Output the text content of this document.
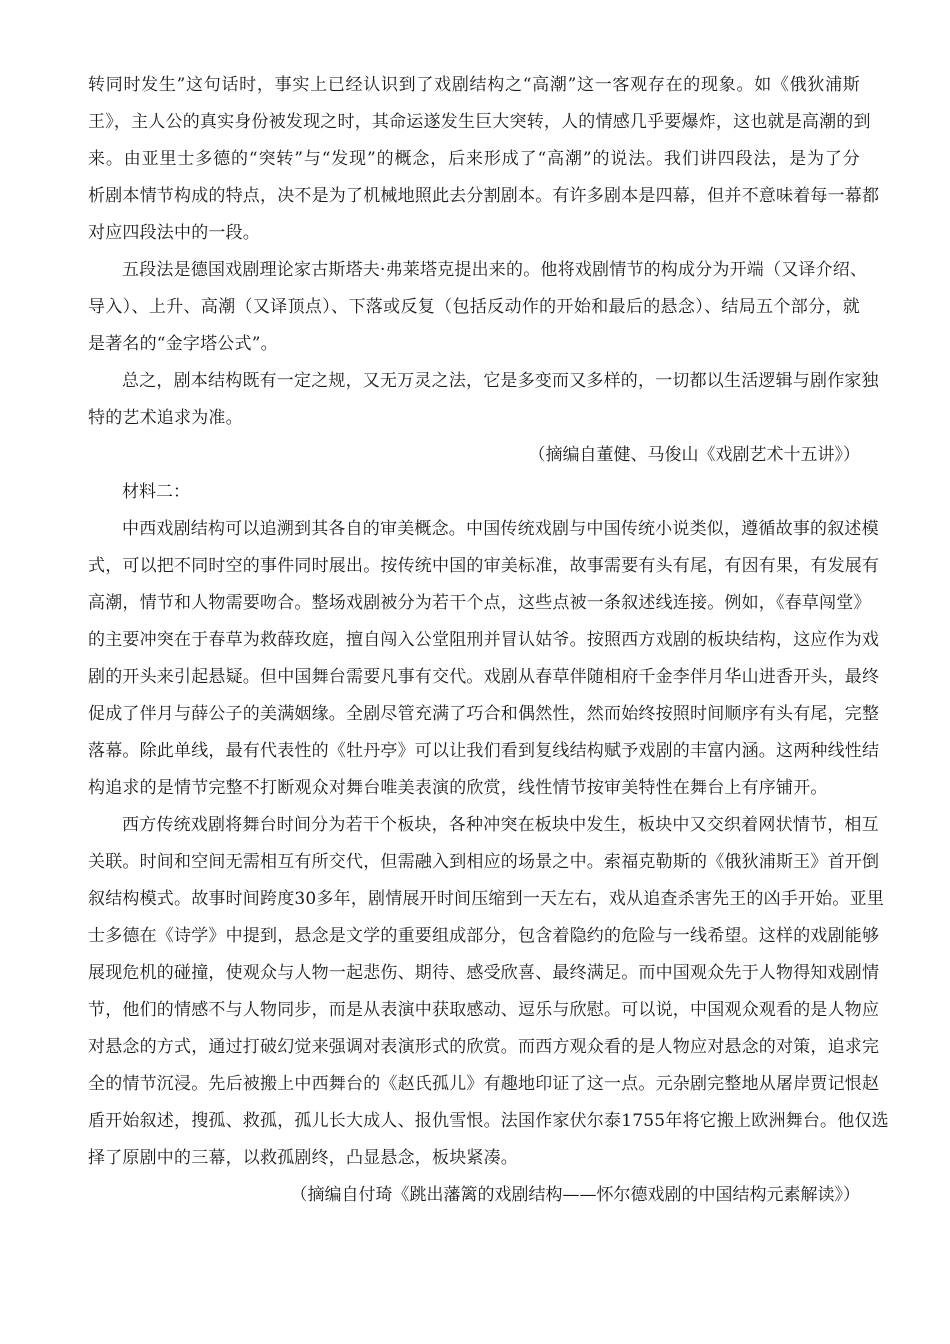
转同时发生”这句话时，事实上已经认识到了戏剧结构之“高潮”这一客观存在的现象。如《俄狄浦斯
王》，主人公的真实身份被发现之时，其命运遂发生巨大突转，人的情感几乎要爆炸，这也就是高潮的到
来。由亚里士多德的“突转”与“发现”的概念，后来形成了“高潮”的说法。我们讲四段法，是为了分
析剧本情节构成的特点，决不是为了机械地照此去分割剧本。有许多剧本是四幕，但并不意味着每一幕都
对应四段法中的一段。
五段法是德国戏剧理论家古斯塔夫·弗莱塔克提出来的。他将戏剧情节的构成分为开端（又译介绍、
导入）、上升、高潮（又译顶点）、下落或反复（包括反动作的开始和最后的悬念）、结局五个部分，就
是著名的“金字塔公式”。
总之，剧本结构既有一定之规，又无万灵之法，它是多变而又多样的，一切都以生活逻辑与剧作家独
特的艺术追求为准。
（摘编自董健、马俊山《戏剧艺术十五讲》）
材料二：
中西戏剧结构可以追溯到其各自的审美概念。中国传统戏剧与中国传统小说类似，遵循故事的叙述模
式，可以把不同时空的事件同时展出。按传统中国的审美标准，故事需要有头有尾，有因有果，有发展有
高潮，情节和人物需要吻合。整场戏剧被分为若干个点，这些点被一条叙述线连接。例如，《春草闯堂》
的主要冲突在于春草为救薛玫庭，擅自闯入公堂阻刑并冒认姑爷。按照西方戏剧的板块结构，这应作为戏
剧的开头来引起悬疑。但中国舞台需要凡事有交代。戏剧从春草伴随相府千金李伴月华山进香开头，最终
促成了伴月与薛公子的美满姻缘。全剧尽管充满了巧合和偶然性，然而始终按照时间顺序有头有尾，完整
落幕。除此单线，最有代表性的《牡丹亭》可以让我们看到复线结构赋予戏剧的丰富内涵。这两种线性结
构追求的是情节完整不打断观众对舞台唯美表演的欣赏，线性情节按审美特性在舞台上有序铺开。
西方传统戏剧将舞台时间分为若干个板块，各种冲突在板块中发生，板块中又交织着网状情节，相互
关联。时间和空间无需相互有所交代，但需融入到相应的场景之中。索福克勒斯的《俄狄浦斯王》首开倒
叙结构模式。故事时间跨度30多年，剧情展开时间压缩到一天左右，戏从追查杀害先王的凶手开始。亚里
士多德在《诗学》中提到，悬念是文学的重要组成部分，包含着隐约的危险与一线希望。这样的戏剧能够
展现危机的碰撞，使观众与人物一起悲伤、期待、感受欣喜、最终满足。而中国观众先于人物得知戏剧情
节，他们的情感不与人物同步，而是从表演中获取感动、逗乐与欣慰。可以说，中国观众观看的是人物应
对悬念的方式，通过打破幻觉来强调对表演形式的欣赏。而西方观众看的是人物应对悬念的对策，追求完
全的情节沉浸。先后被搬上中西舞台的《赵氏孤儿》有趣地印证了这一点。元杂剧完整地从屠岸贾记恨赵
盾开始叙述，搜孤、救孤，孤儿长大成人、报仇雪恨。法国作家伏尔泰1755年将它搬上欧洲舞台。他仅选
择了原剧中的三幕，以救孤剧终，凸显悬念，板块紧凑。
（摘编自付琦《跳出藩篱的戏剧结构——怀尔德戏剧的中国结构元素解读》）
